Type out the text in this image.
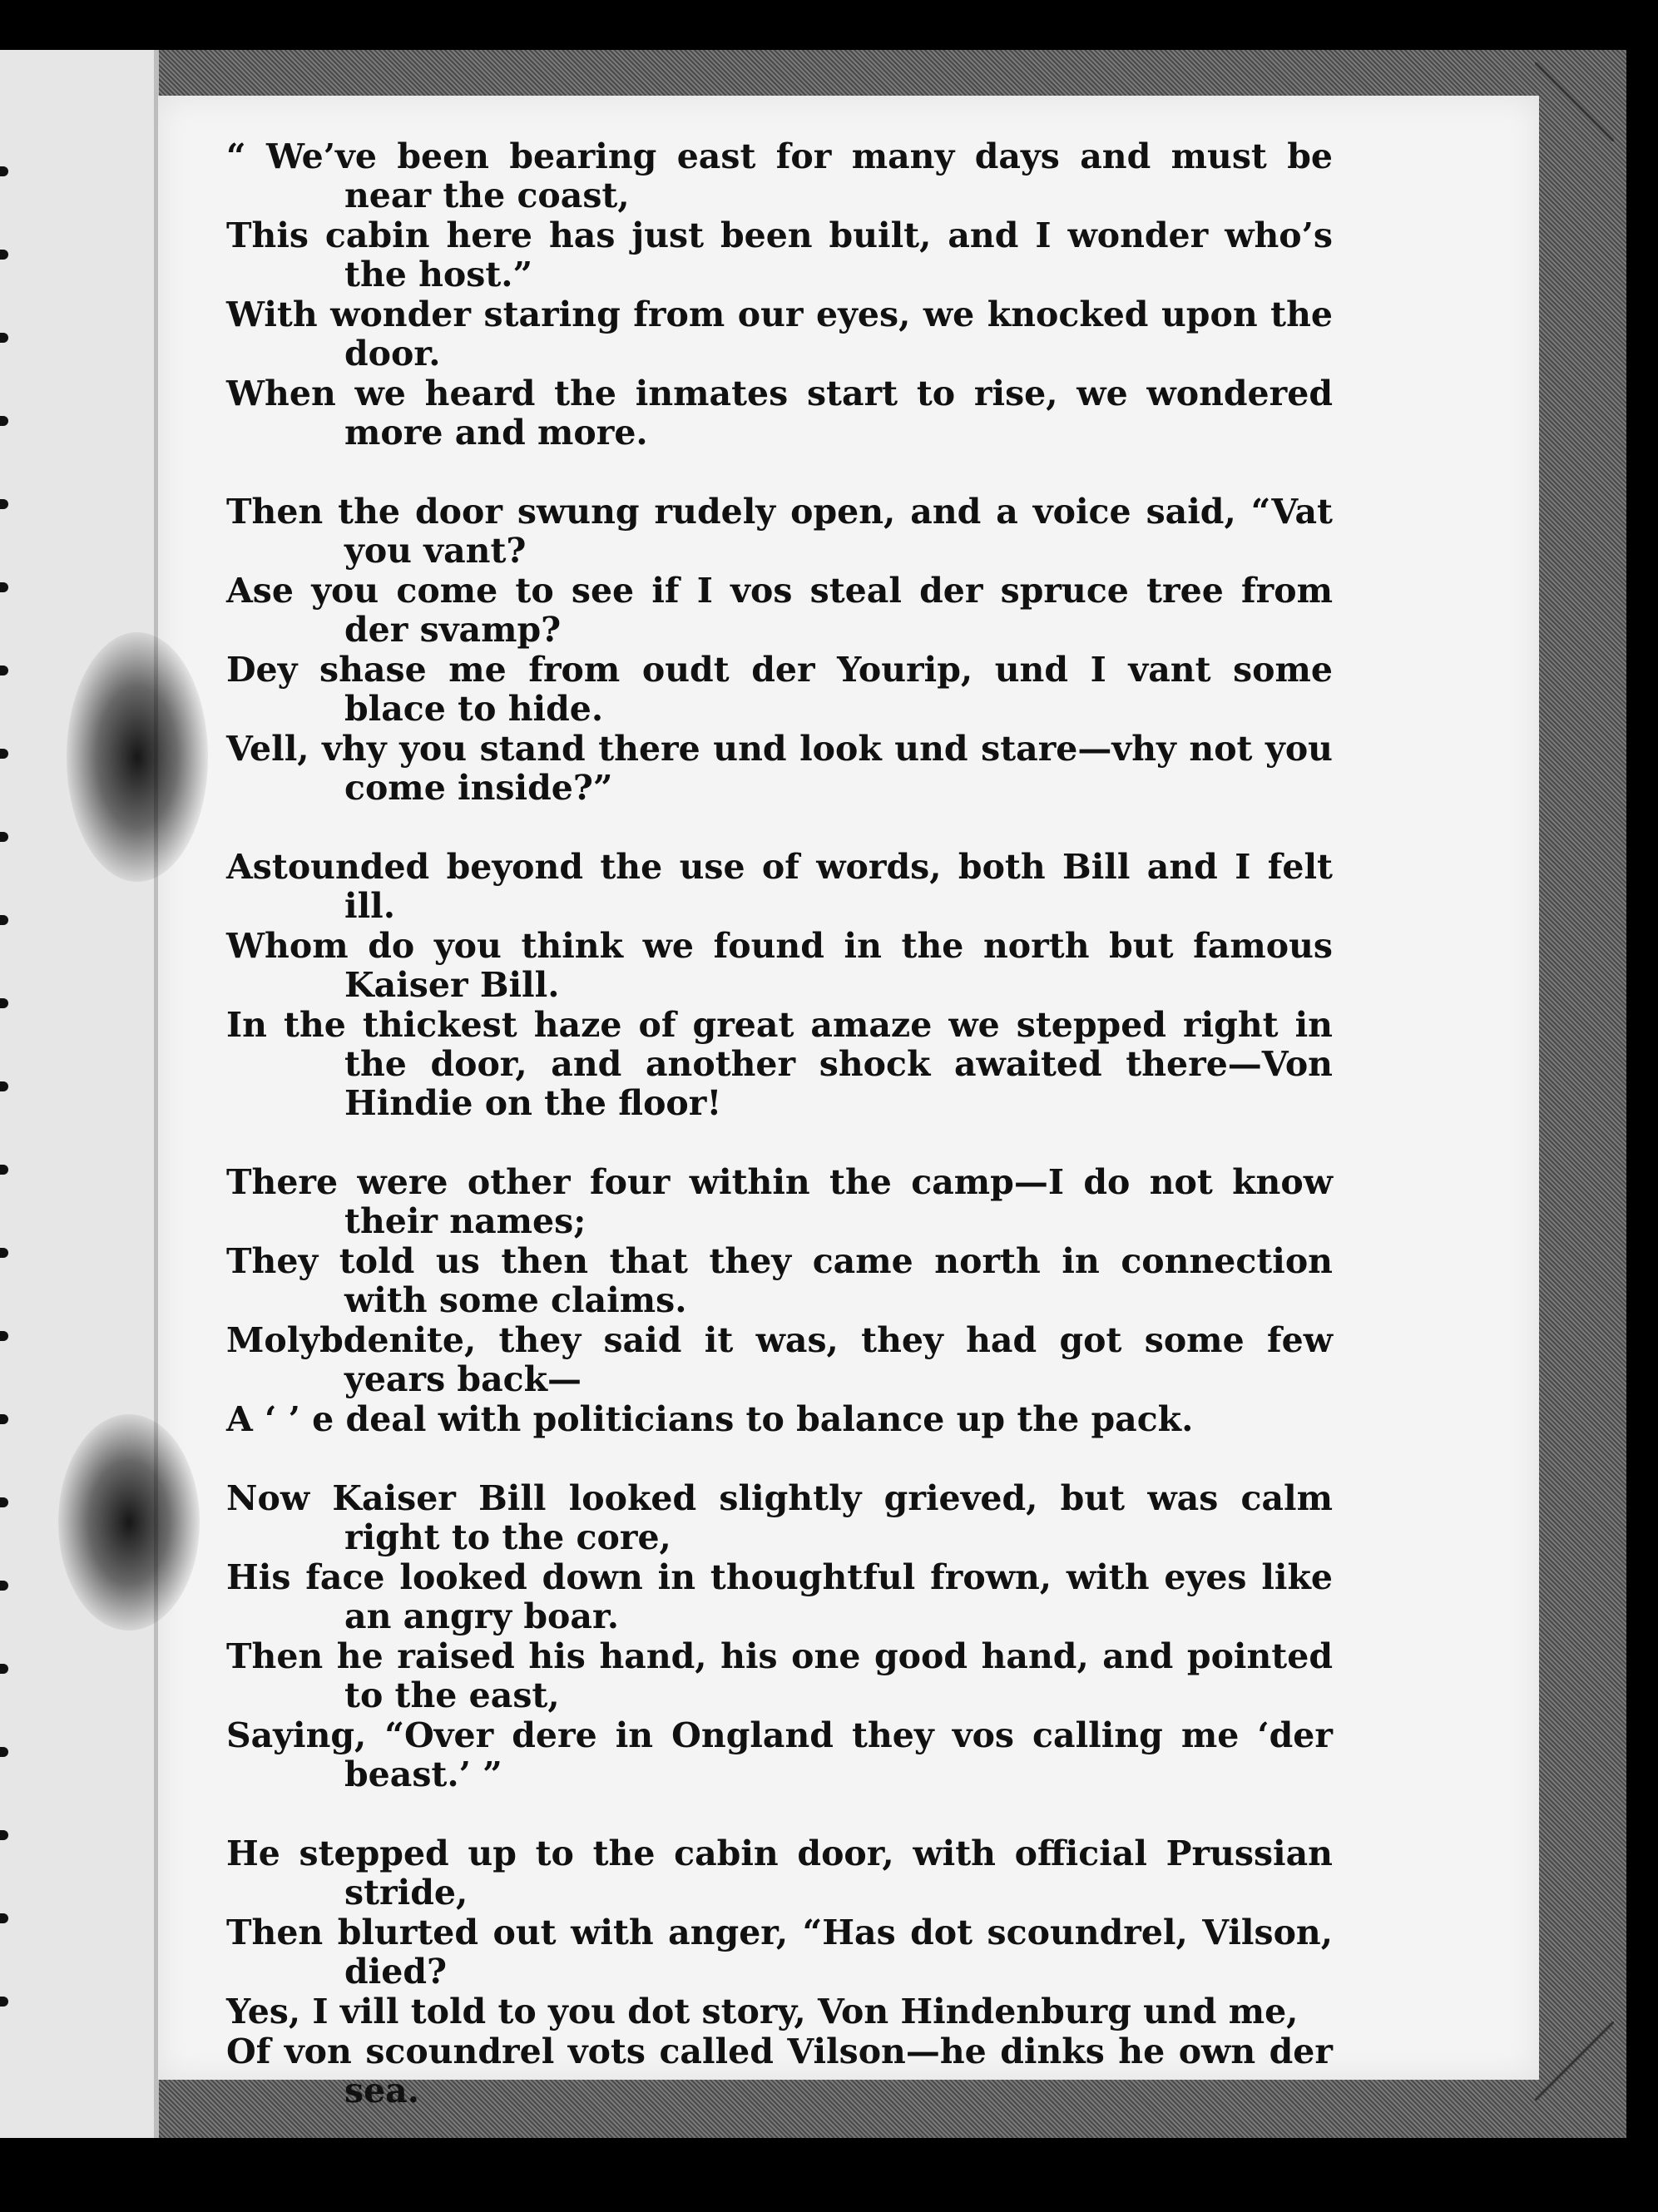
“ We’ve been bearing east for many days and must be near the coast,
This cabin here has just been built, and I wonder who’s the host.”
With wonder staring from our eyes, we knocked upon the door.
When we heard the inmates start to rise, we wondered more and more.
Then the door swung rudely open, and a voice said, “Vat you vant?
Ase you come to see if I vos steal der spruce tree from der svamp?
Dey shase me from oudt der Yourip, und I vant some blace to hide.
Vell, vhy you stand there und look und stare—vhy not you come inside?”
Astounded beyond the use of words, both Bill and I felt ill.
Whom do you think we found in the north but famous Kaiser Bill.
In the thickest haze of great amaze we stepped right in the door, and another shock awaited there—Von Hindie on the floor!
There were other four within the camp—I do not know their names;
They told us then that they came north in connection with some claims.
Molybdenite, they said it was, they had got some few years back—
A ‘ ’ e deal with politicians to balance up the pack.
Now Kaiser Bill looked slightly grieved, but was calm right to the core,
His face looked down in thoughtful frown, with eyes like an angry boar.
Then he raised his hand, his one good hand, and pointed to the east,
Saying, “Over dere in Ongland they vos calling me ‘der beast.’ ”
He stepped up to the cabin door, with official Prussian stride,
Then blurted out with anger, “Has dot scoundrel, Vilson, died?
Yes, I vill told to you dot story, Von Hindenburg und me,
Of von scoundrel vots called Vilson—he dinks he own der sea.
